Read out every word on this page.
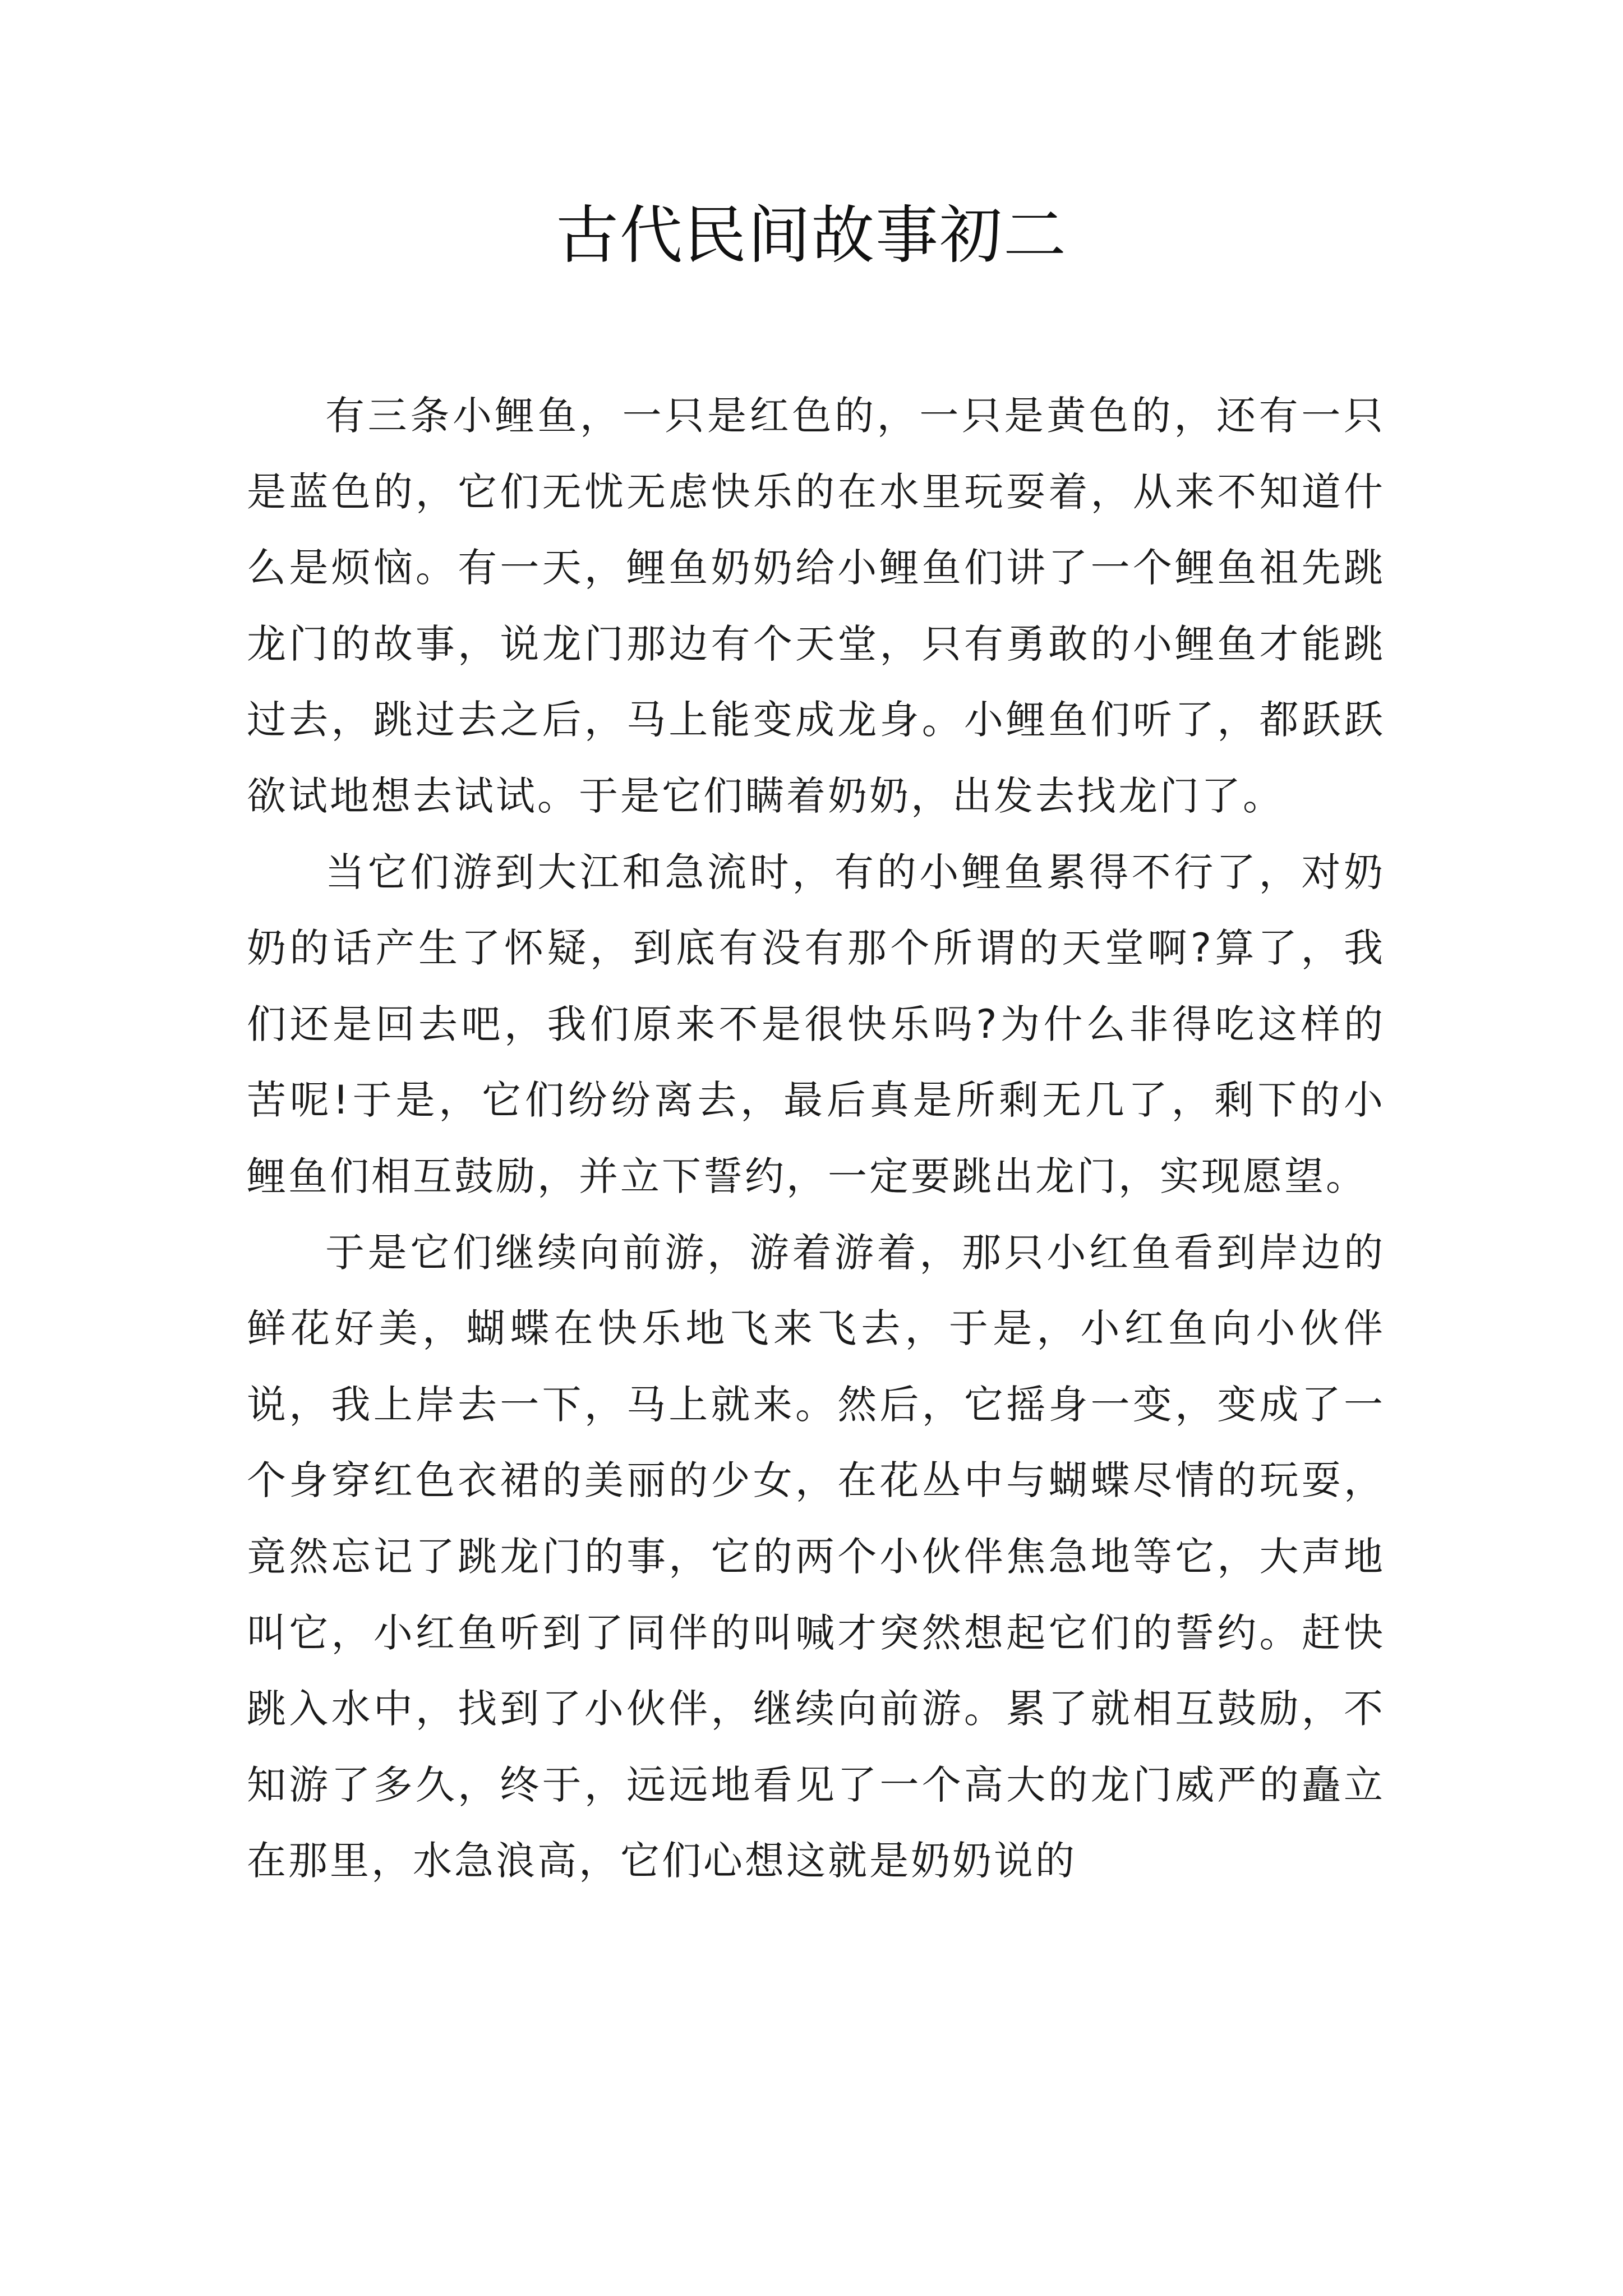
古代民间故事初二

有三条小鲤鱼，一只是红色的，一只是黄色的，还有一只是蓝色的，它们无忧无虑快乐的在水里玩耍着，从来不知道什么是烦恼。有一天，鲤鱼奶奶给小鲤鱼们讲了一个鲤鱼祖先跳龙门的故事，说龙门那边有个天堂，只有勇敢的小鲤鱼才能跳过去，跳过去之后，马上能变成龙身。小鲤鱼们听了，都跃跃欲试地想去试试。于是它们瞒着奶奶，出发去找龙门了。

当它们游到大江和急流时，有的小鲤鱼累得不行了，对奶奶的话产生了怀疑，到底有没有那个所谓的天堂啊?算了，我们还是回去吧，我们原来不是很快乐吗?为什么非得吃这样的苦呢!于是，它们纷纷离去，最后真是所剩无几了，剩下的小鲤鱼们相互鼓励，并立下誓约，一定要跳出龙门，实现愿望。

于是它们继续向前游，游着游着，那只小红鱼看到岸边的鲜花好美，蝴蝶在快乐地飞来飞去，于是，小红鱼向小伙伴说，我上岸去一下，马上就来。然后，它摇身一变，变成了一个身穿红色衣裙的美丽的少女，在花丛中与蝴蝶尽情的玩耍，竟然忘记了跳龙门的事，它的两个小伙伴焦急地等它，大声地叫它，小红鱼听到了同伴的叫喊才突然想起它们的誓约。赶快跳入水中，找到了小伙伴，继续向前游。累了就相互鼓励，不知游了多久，终于，远远地看见了一个高大的龙门威严的矗立在那里，水急浪高，它们心想这就是奶奶说的
